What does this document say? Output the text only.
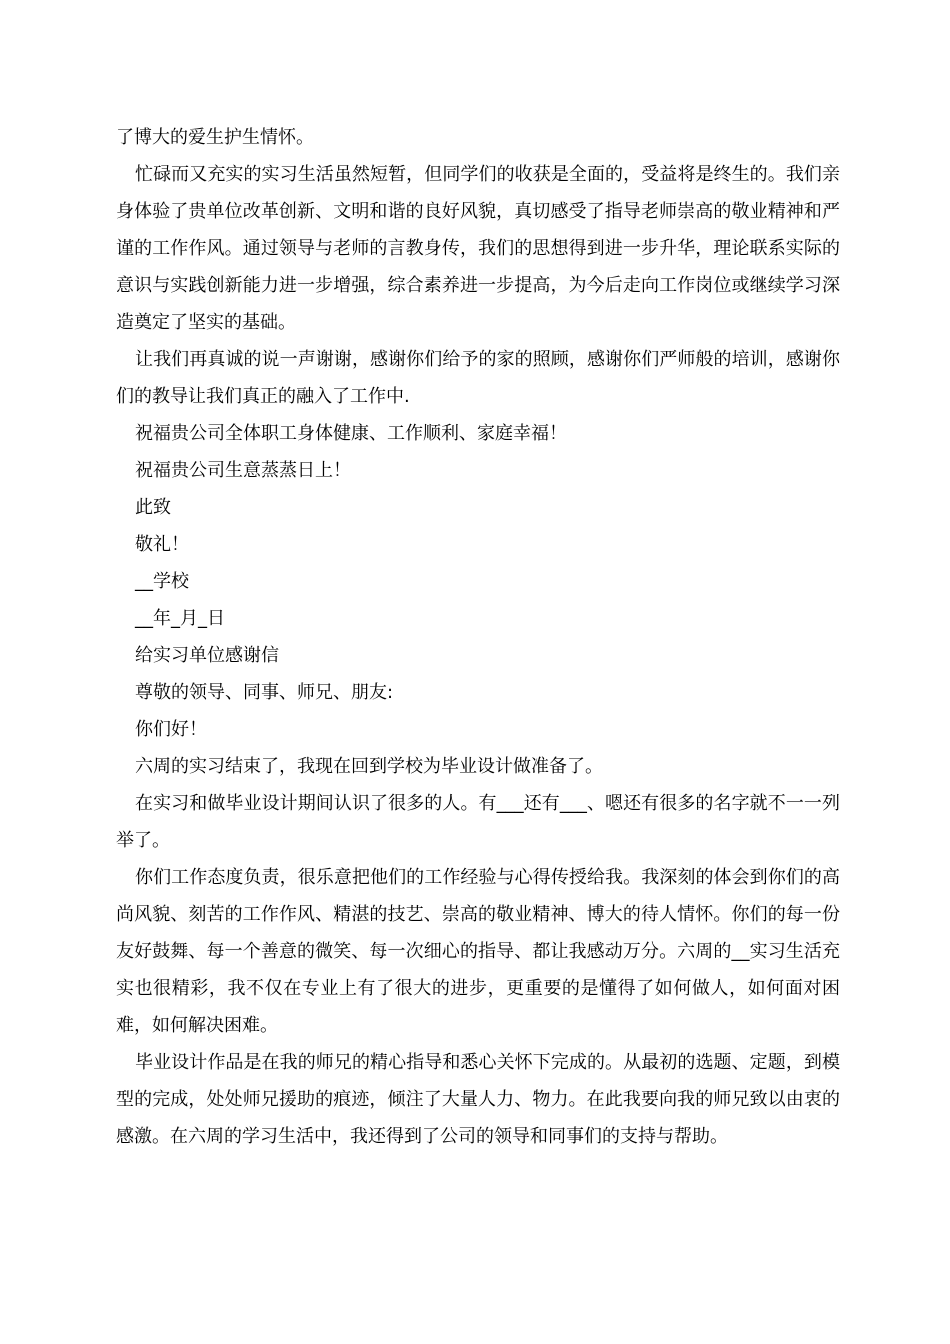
了博大的爱生护生情怀。

忙碌而又充实的实习生活虽然短暂，但同学们的收获是全面的，受益将是终生的。我们亲身体验了贵单位改革创新、文明和谐的良好风貌，真切感受了指导老师崇高的敬业精神和严谨的工作作风。通过领导与老师的言教身传，我们的思想得到进一步升华，理论联系实际的意识与实践创新能力进一步增强，综合素养进一步提高，为今后走向工作岗位或继续学习深造奠定了坚实的基础。

让我们再真诚的说一声谢谢，感谢你们给予的家的照顾，感谢你们严师般的培训，感谢你们的教导让我们真正的融入了工作中.

祝福贵公司全体职工身体健康、工作顺利、家庭幸福！

祝福贵公司生意蒸蒸日上！

此致

敬礼！

__学校

__年_月_日

给实习单位感谢信

尊敬的领导、同事、师兄、朋友:

你们好！

六周的实习结束了，我现在回到学校为毕业设计做准备了。

在实习和做毕业设计期间认识了很多的人。有___还有___、嗯还有很多的名字就不一一列举了。

你们工作态度负责，很乐意把他们的工作经验与心得传授给我。我深刻的体会到你们的高尚风貌、刻苦的工作作风、精湛的技艺、崇高的敬业精神、博大的待人情怀。你们的每一份友好鼓舞、每一个善意的微笑、每一次细心的指导、都让我感动万分。六周的__实习生活充实也很精彩，我不仅在专业上有了很大的进步，更重要的是懂得了如何做人，如何面对困难，如何解决困难。

毕业设计作品是在我的师兄的精心指导和悉心关怀下完成的。从最初的选题、定题，到模型的完成，处处师兄援助的痕迹，倾注了大量人力、物力。在此我要向我的师兄致以由衷的感激。在六周的学习生活中，我还得到了公司的领导和同事们的支持与帮助。
